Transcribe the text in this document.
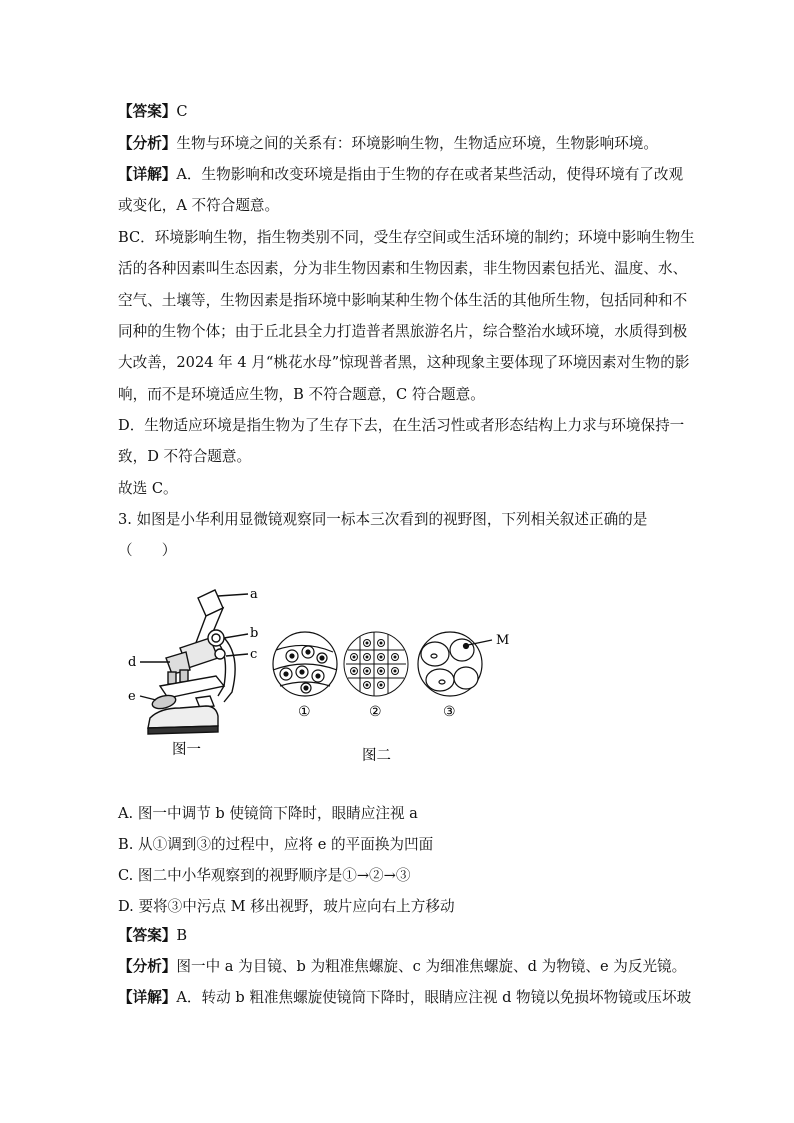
【答案】C
【分析】生物与环境之间的关系有：环境影响生物，生物适应环境，生物影响环境。
【详解】A．生物影响和改变环境是指由于生物的存在或者某些活动，使得环境有了改观
或变化，A 不符合题意。
BC．环境影响生物，指生物类别不同，受生存空间或生活环境的制约；环境中影响生物生
活的各种因素叫生态因素，分为非生物因素和生物因素，非生物因素包括光、温度、水、
空气、土壤等，生物因素是指环境中影响某种生物个体生活的其他所生物，包括同种和不
同种的生物个体；由于丘北县全力打造普者黑旅游名片，综合整治水域环境，水质得到极
大改善，2024 年 4 月“桃花水母”惊现普者黑，这种现象主要体现了环境因素对生物的影
响，而不是环境适应生物，B 不符合题意，C 符合题意。
D．生物适应环境是指生物为了生存下去，在生活习性或者形态结构上力求与环境保持一
致，D 不符合题意。
故选 C。
3. 如图是小华利用显微镜观察同一标本三次看到的视野图，下列相关叙述正确的是
（　　）
a
b
c
d
e
M
①	②	③
图一	图二
A. 图一中调节 b 使镜筒下降时，眼睛应注视 a
B. 从①调到③的过程中，应将 e 的平面换为凹面
C. 图二中小华观察到的视野顺序是①→②→③
D. 要将③中污点 M 移出视野，玻片应向右上方移动
【答案】B
【分析】图一中 a 为目镜、b 为粗准焦螺旋、c 为细准焦螺旋、d 为物镜、e 为反光镜。
【详解】A．转动 b 粗准焦螺旋使镜筒下降时，眼睛应注视 d 物镜以免损坏物镜或压坏玻
